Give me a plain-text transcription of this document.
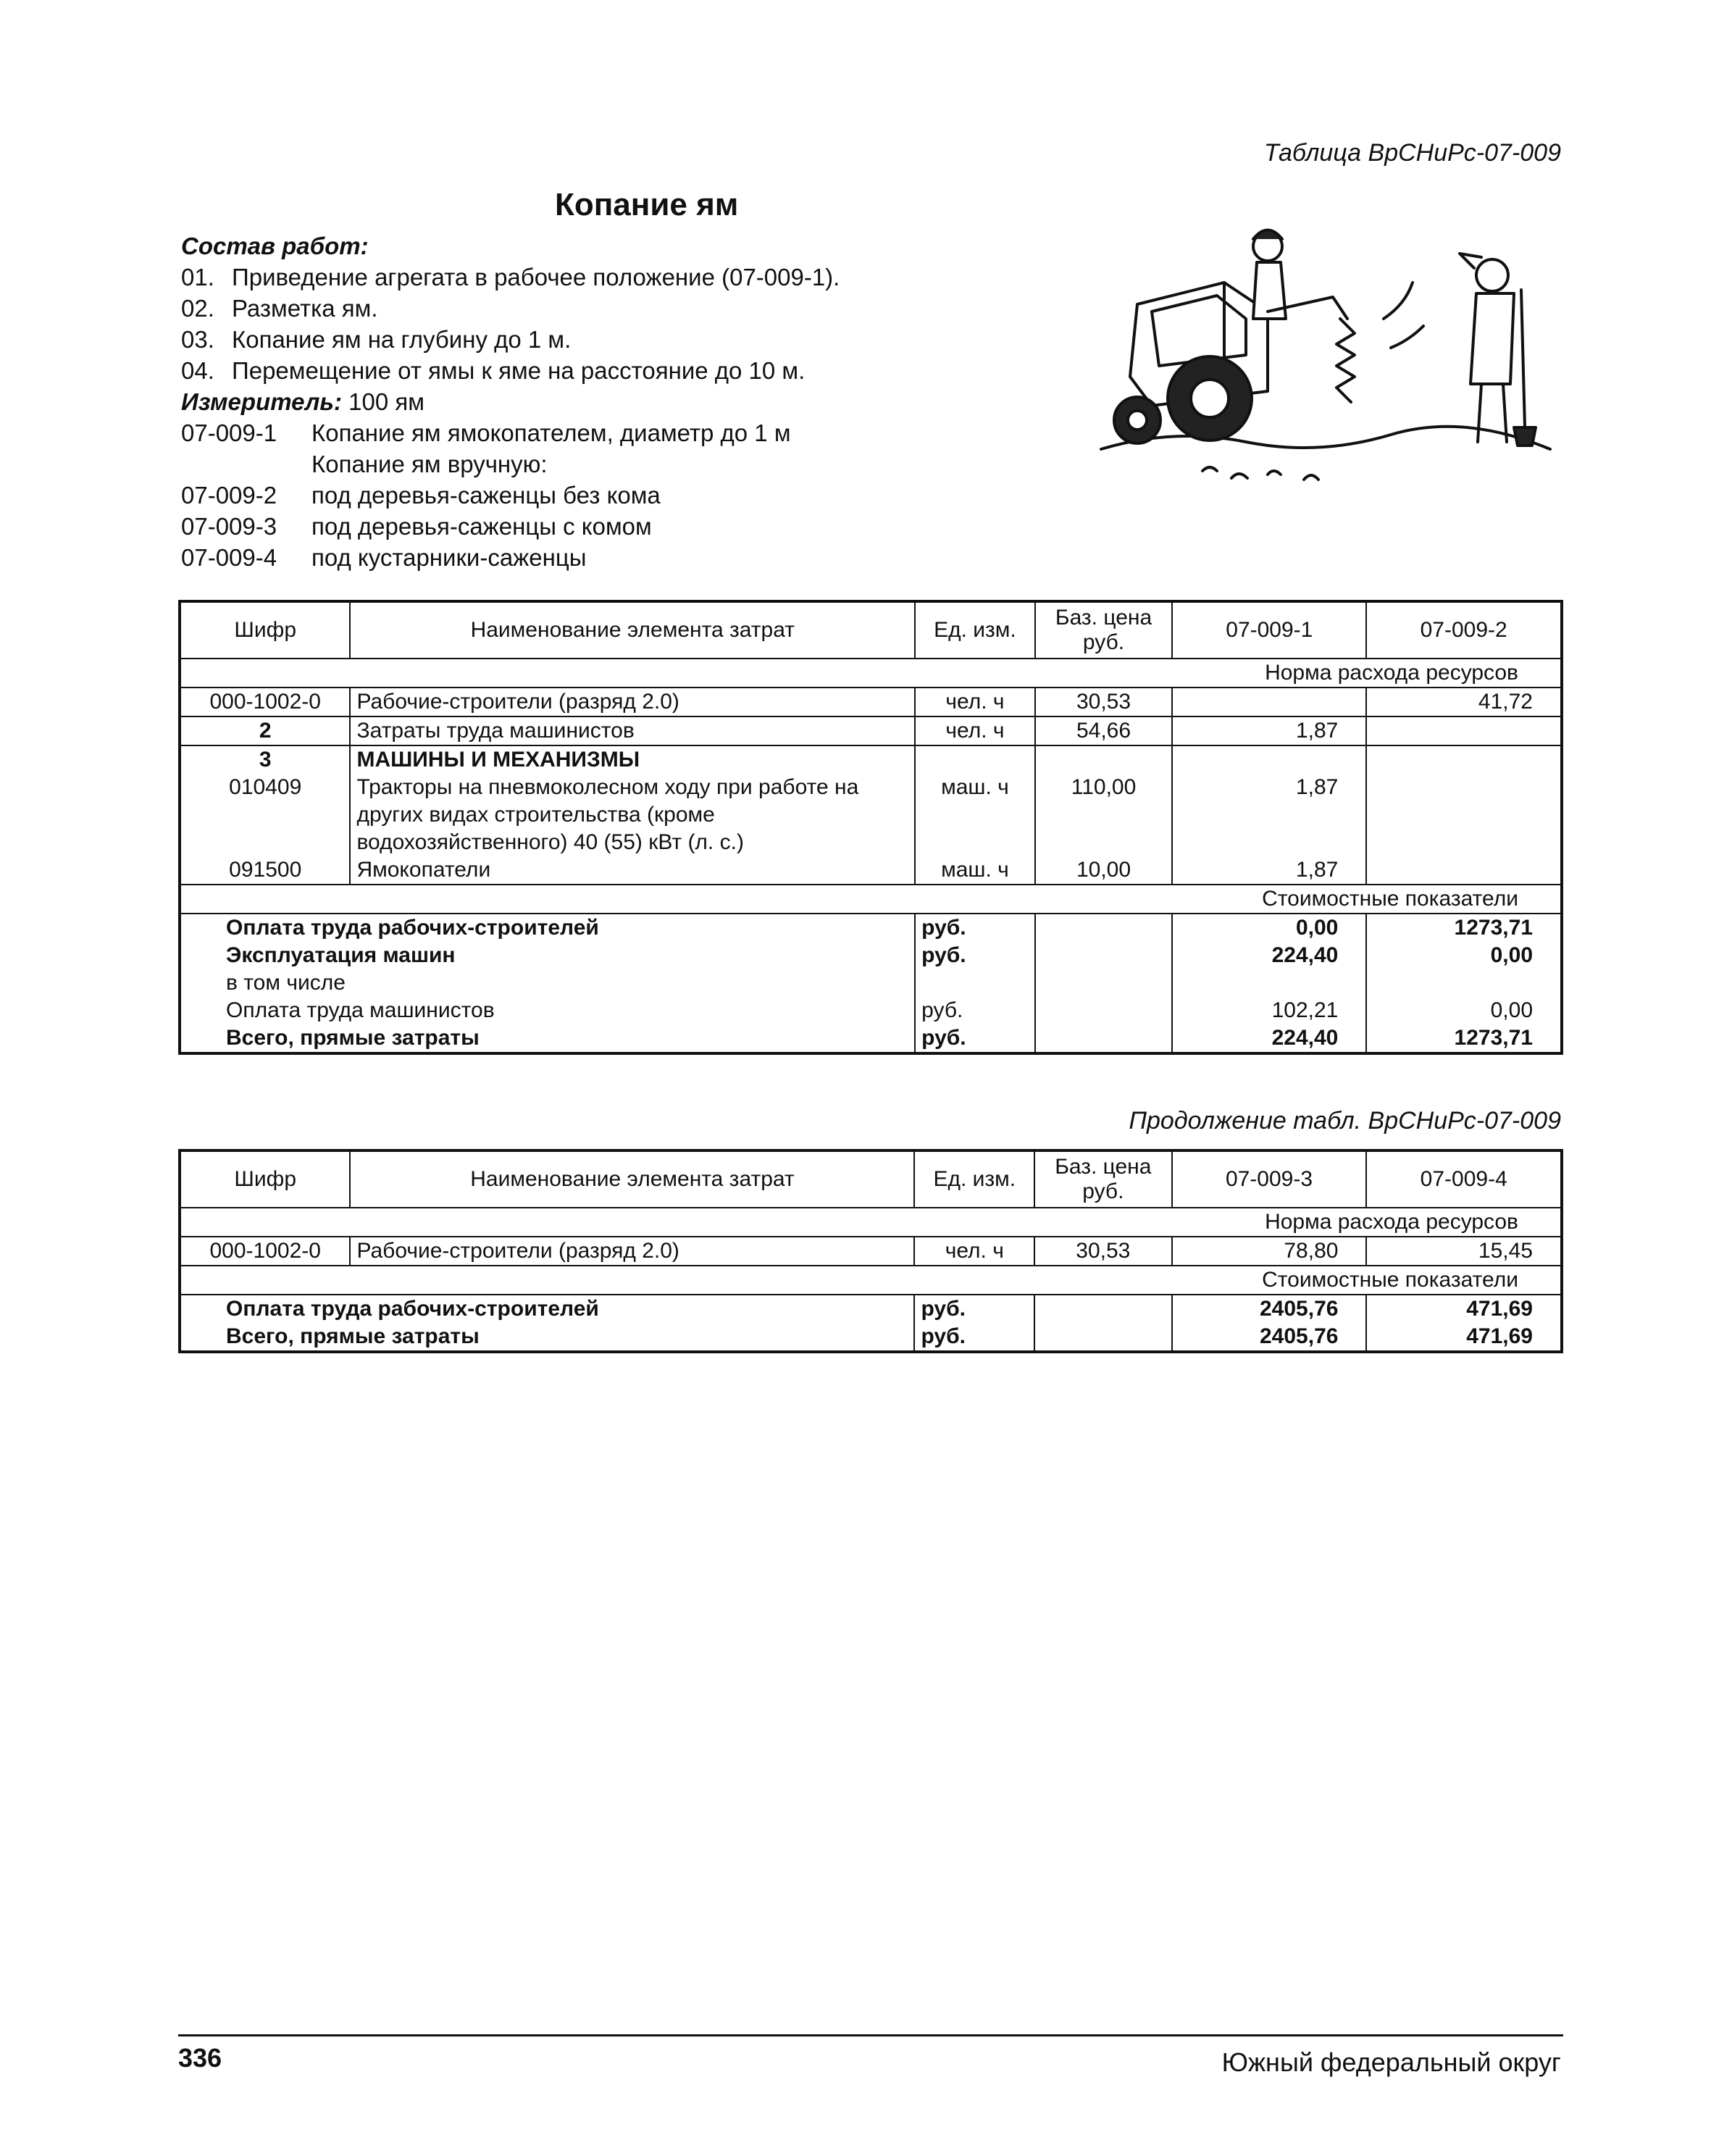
Таблица ВрСНиРс-07-009
Копание ям
Состав работ:
01. Приведение агрегата в рабочее положение (07-009-1).
02. Разметка ям.
03. Копание ям на глубину до 1 м.
04. Перемещение от ямы к яме на расстояние до 10 м.
Измеритель: 100 ям
07-009-1	Копание ям ямокопателем, диаметр до 1 м
Копание ям вручную:
07-009-2	под деревья-саженцы без кома
07-009-3	под деревья-саженцы с комом
07-009-4	под кустарники-саженцы
Шифр	Наименование элемента затрат	Ед. изм.	Баз. цена руб.	07-009-1	07-009-2
Норма расхода ресурсов					
000-1002-0	Рабочие-строители (разряд 2.0)	чел. ч	30,53		41,72
2	Затраты труда машинистов	чел. ч	54,66	1,87	
3	МАШИНЫ И МЕХАНИЗМЫ				
010409	Тракторы на пневмоколесном ходу при работе на других видах строительства (кроме водохозяйственного) 40 (55) кВт (л. с.)	маш. ч	110,00	1,87	
091500	Ямокопатели	маш. ч	10,00	1,87	
Стоимостные показатели					
Оплата труда рабочих-строителей		руб.		0,00	1273,71
Эксплуатация машин		руб.		224,40	0,00
в том числе					
Оплата труда машинистов		руб.		102,21	0,00
Всего, прямые затраты		руб.		224,40	1273,71
Продолжение табл. ВрСНиРс-07-009
Шифр	Наименование элемента затрат	Ед. изм.	Баз. цена руб.	07-009-3	07-009-4
Норма расхода ресурсов					
000-1002-0	Рабочие-строители (разряд 2.0)	чел. ч	30,53	78,80	15,45
Стоимостные показатели					
Оплата труда рабочих-строителей		руб.		2405,76	471,69
Всего, прямые затраты		руб.		2405,76	471,69
336	Южный федеральный округ
